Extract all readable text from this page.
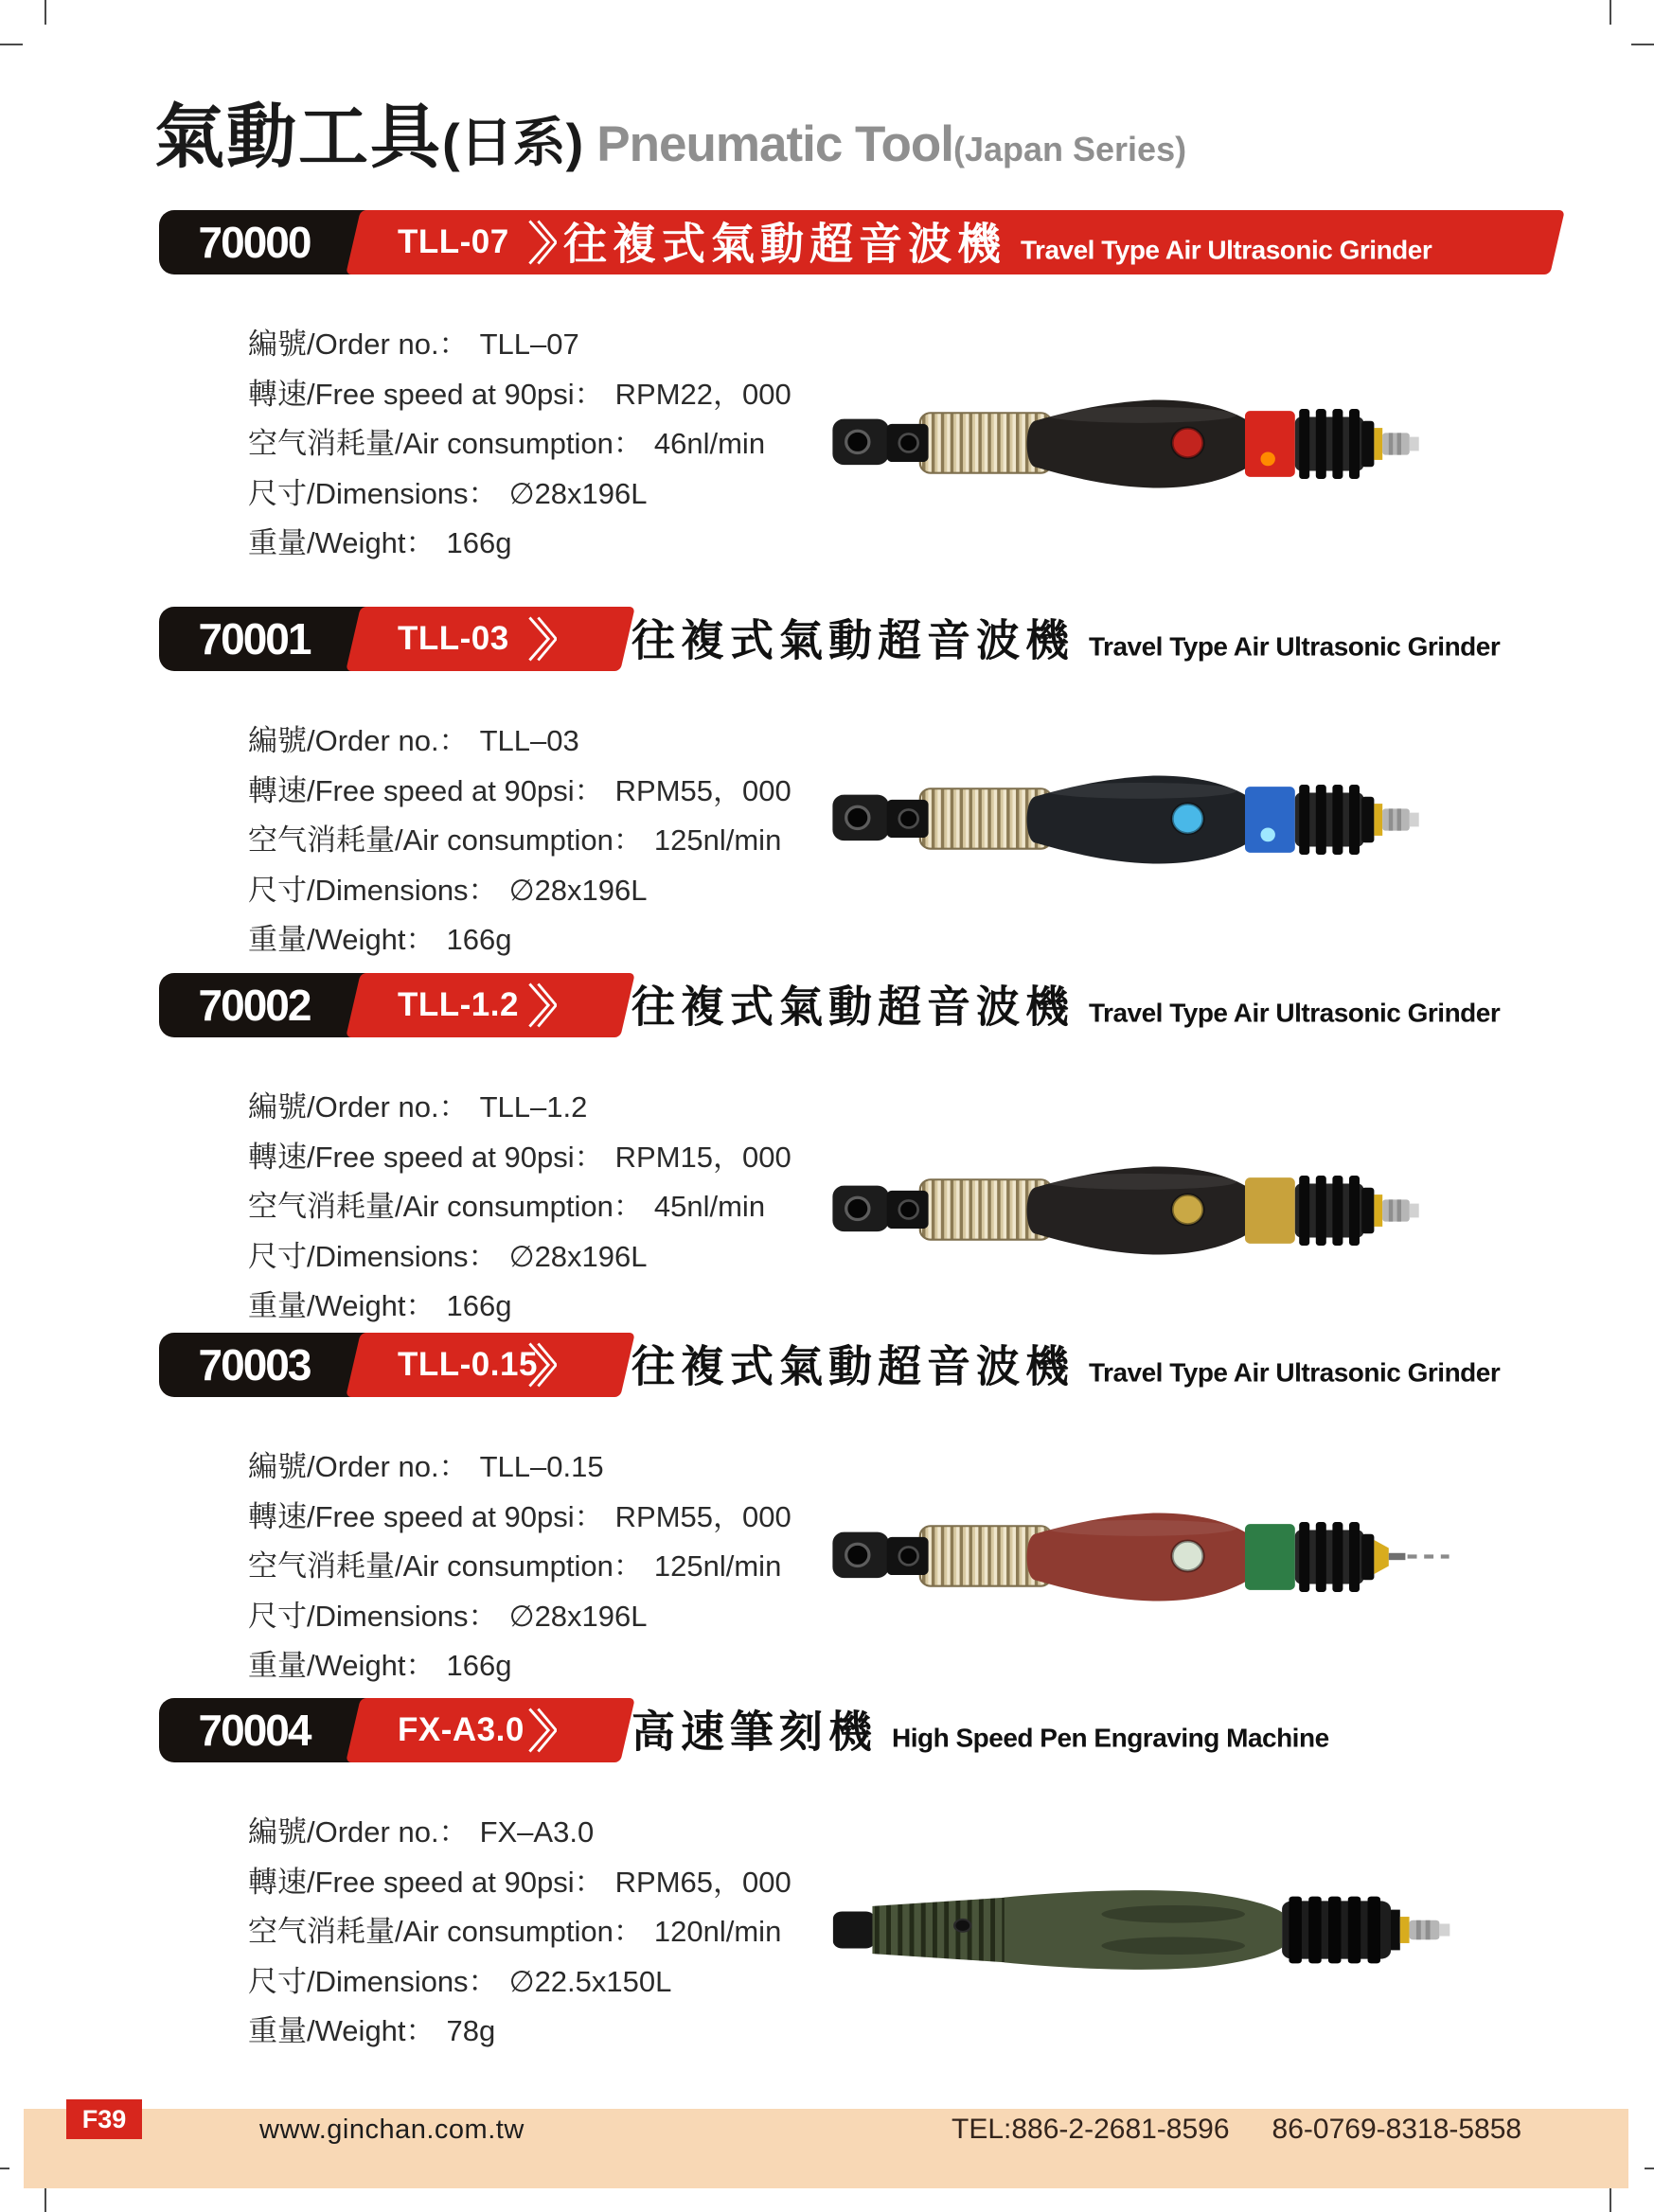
氣動工具 (日系) Pneumatic Tool (Japan Series)
70000	TLL-07 往複式氣動超音波機 Travel Type Air Ultrasonic Grinder
編號/Order no.： TLL–07
轉速/Free speed at 90psi： RPM22，000
空气消耗量/Air consumption： 46nl/min
尺寸/Dimensions： ∅28x196L
重量/Weight： 166g
70001	TLL-03	往複式氣動超音波機 Travel Type Air Ultrasonic Grinder
編號/Order no.： TLL–03
轉速/Free speed at 90psi： RPM55，000
空气消耗量/Air consumption： 125nl/min
尺寸/Dimensions： ∅28x196L
重量/Weight： 166g
70002	TLL-1.2	往複式氣動超音波機 Travel Type Air Ultrasonic Grinder
編號/Order no.： TLL–1.2
轉速/Free speed at 90psi： RPM15，000
空气消耗量/Air consumption： 45nl/min
尺寸/Dimensions： ∅28x196L
重量/Weight： 166g
70003	TLL-0.15 往複式氣動超音波機 Travel Type Air Ultrasonic Grinder
編號/Order no.： TLL–0.15
轉速/Free speed at 90psi： RPM55，000
空气消耗量/Air consumption： 125nl/min
尺寸/Dimensions： ∅28x196L
重量/Weight： 166g
70004	FX-A3.0 高速筆刻機 High Speed Pen Engraving Machine
編號/Order no.： FX–A3.0
轉速/Free speed at 90psi： RPM65，000
空气消耗量/Air consumption： 120nl/min
尺寸/Dimensions： ∅22.5x150L
重量/Weight： 78g
F39	www.ginchan.com.tw	TEL:886-2-2681-8596 86-0769-8318-5858
